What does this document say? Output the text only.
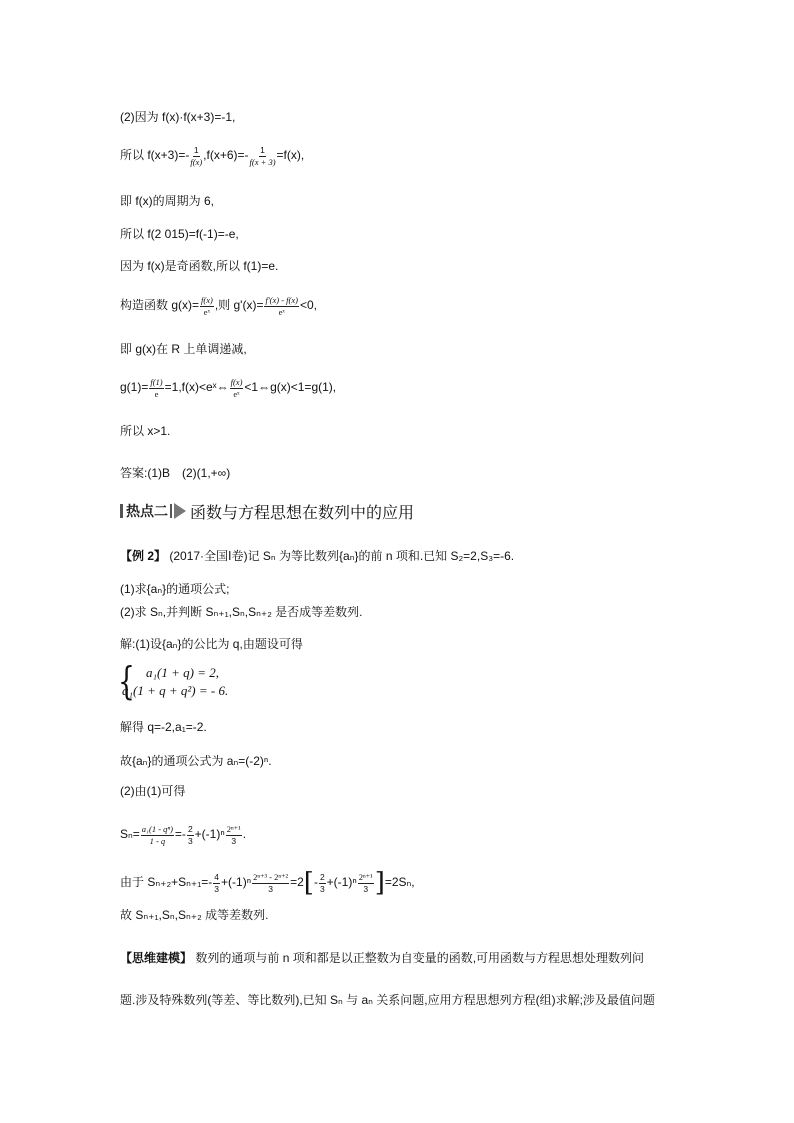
(2)因为 f(x)·f(x+3)=-1,
所以 $f(x+3)=- \frac{1}{f(x)} ,f(x+6)=- \frac{1}{f(x + 3)} =f(x)$,
即 f(x)的周期为 6,
所以 f(2 015)=f(-1)=-e,
因为 f(x)是奇函数,所以 f(1)=e.
构造函数 $g(x)= \frac{f(x)}{\text{eˣ}}$ ,则 $g'(x)= \frac{f'(x) - f(x)}{\text{eˣ}} <0$,
即 g(x)在 R 上单调递减,
$g(1)= \frac{f(1)}{e}$ =1,f(x)<eˣ⇔ $\frac{f(x)}{\text{eˣ}}$ <1⇔g(x)<1=g(1),
所以 x>1.
答案:(1)B　(2)(1,+∞)
热点二 函数与方程思想在数列中的应用
【例 2】 (2017·全国Ⅰ卷)记 Sₙ 为等比数列{aₙ}的前 n 项和.已知 S₂=2,S₃=-6.
(1)求{aₙ}的通项公式;
(2)求 Sₙ,并判断 Sₙ₊₁,Sₙ,Sₙ₊₂ 是否成等差数列.
解:(1)设{aₙ}的公比为 q,由题设可得
{ a₁(1 + q) = 2,
a₁(1 + q + q²) = - 6.
解得 q=-2,a₁=-2.
故{aₙ}的通项公式为 aₙ=(-2)ⁿ.
(2)由(1)可得
$S_n= \frac{\text{a₁(1 - qⁿ)}}{1 - q} =- \frac{2}{3} +(-1)^n \frac{\text{2ⁿ⁺¹}}{3}$ .
由于 $S_{n+2}+S_{n+1}=- \frac{4}{3} +(-1)^n \frac{\text{2ⁿ⁺³ - 2ⁿ⁺²}}{3} =2[- \frac{2}{3} +(-1)^n \frac{\text{2ⁿ⁺¹}}{3} ]=2S_n$,
故 Sₙ₊₁,Sₙ,Sₙ₊₂ 成等差数列.
【思维建模】 数列的通项与前 n 项和都是以正整数为自变量的函数,可用函数与方程思想处理数列问
题.涉及特殊数列(等差、等比数列),已知 Sₙ 与 aₙ 关系问题,应用方程思想列方程(组)求解;涉及最值问题
